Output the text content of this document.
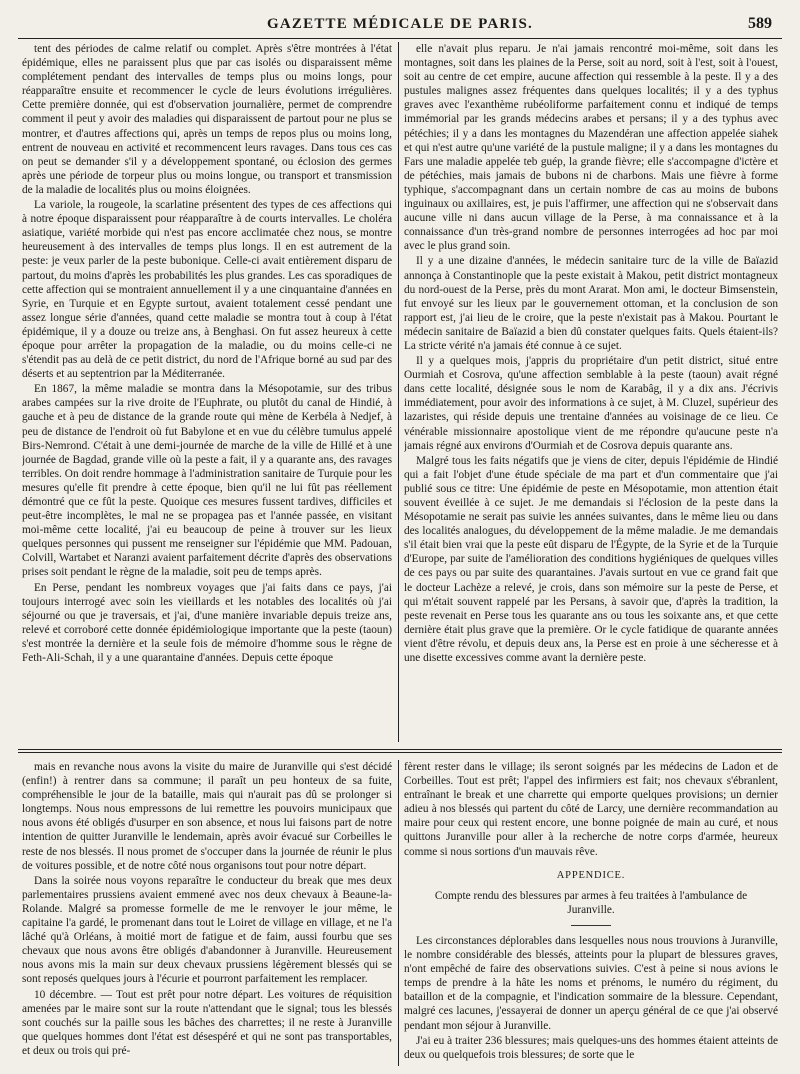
GAZETTE MÉDICALE DE PARIS.	589

tent des périodes de calme relatif ou complet. Après s'être montrées à l'état épidémique, elles ne paraissent plus que par cas isolés ou disparaissent même complétement pendant des intervalles de temps plus ou moins longs, pour réapparaître ensuite et recommencer le cycle de leurs évolutions irrégulières. Cette première donnée, qui est d'observation journalière, permet de comprendre comment il peut y avoir des maladies qui disparaissent de partout pour ne plus se montrer, et d'autres affections qui, après un temps de repos plus ou moins long, entrent de nouveau en activité et recommencent leurs ravages. Dans tous ces cas on peut se demander s'il y a développement spontané, ou éclosion des germes après une période de torpeur plus ou moins longue, ou transport et transmission de la maladie de localités plus ou moins éloignées.

La variole, la rougeole, la scarlatine présentent des types de ces affections qui à notre époque disparaissent pour réapparaître à de courts intervalles. Le choléra asiatique, variété morbide qui n'est pas encore acclimatée chez nous, se montre heureusement à des intervalles de temps plus longs. Il en est autrement de la peste: je veux parler de la peste bubonique. Celle-ci avait entièrement disparu de partout, du moins d'après les probabilités les plus grandes. Les cas sporadiques de cette affection qui se montraient annuellement il y a une cinquantaine d'années en Syrie, en Turquie et en Egypte surtout, avaient totalement cessé pendant une assez longue série d'années, quand cette maladie se montra tout à coup à l'état épidémique, il y a douze ou treize ans, à Benghasi. On fut assez heureux à cette époque pour arrêter la propagation de la maladie, ou du moins celle-ci ne s'étendit pas au delà de ce petit district, du nord de l'Afrique borné au sud par des déserts et au septentrion par la Méditerranée.

En 1867, la même maladie se montra dans la Mésopotamie, sur des tribus arabes campées sur la rive droite de l'Euphrate, ou plutôt du canal de Hindié, à gauche et à peu de distance de la grande route qui mène de Kerbéla à Nedjef, à peu de distance de l'endroit où fut Babylone et en vue du célèbre tumulus appelé Birs-Nemrond. C'était à une demi-journée de marche de la ville de Hillé et à une journée de Bagdad, grande ville où la peste a fait, il y a quarante ans, des ravages terribles. On doit rendre hommage à l'administration sanitaire de Turquie pour les mesures qu'elle fit prendre à cette époque, bien qu'il ne lui fût pas réellement démontré que ce fût la peste. Quoique ces mesures fussent tardives, difficiles et peut-être incomplètes, le mal ne se propagea pas et l'année passée, en visitant moi-même cette localité, j'ai eu beaucoup de peine à trouver sur les lieux quelques personnes qui pussent me renseigner sur l'épidémie que MM. Padouan, Colvill, Wartabet et Naranzi avaient parfaitement décrite d'après des observations prises soit pendant le règne de la maladie, soit peu de temps après.

En Perse, pendant les nombreux voyages que j'ai faits dans ce pays, j'ai toujours interrogé avec soin les vieillards et les notables des localités où j'ai séjourné ou que je traversais, et j'ai, d'une manière invariable depuis treize ans, relevé et corroboré cette donnée épidémiologique importante que la peste (taoun) s'est montrée la dernière et la seule fois de mémoire d'homme sous le règne de Feth-Ali-Schah, il y a une quarantaine d'années. Depuis cette époque

elle n'avait plus reparu. Je n'ai jamais rencontré moi-même, soit dans les montagnes, soit dans les plaines de la Perse, soit au nord, soit à l'est, soit à l'ouest, soit au centre de cet empire, aucune affection qui ressemble à la peste. Il y a des pustules malignes assez fréquentes dans quelques localités; il y a des typhus graves avec l'exanthème rubéoliforme parfaitement connu et indiqué de temps immémorial par les grands médecins arabes et persans; il y a des typhus avec pétéchies; il y a dans les montagnes du Mazendéran une affection appelée siahek et qui n'est autre qu'une variété de la pustule maligne; il y a dans les montagnes du Fars une maladie appelée teb guép, la grande fièvre; elle s'accompagne d'ictère et de pétéchies, mais jamais de bubons ni de charbons. Mais une fièvre à forme typhique, s'accompagnant dans un certain nombre de cas au moins de bubons inguinaux ou axillaires, est, je puis l'affirmer, une affection qui ne s'observait dans aucune ville ni dans aucun village de la Perse, à ma connaissance et à la connaissance d'un très-grand nombre de personnes interrogées ad hoc par moi avec le plus grand soin.

Il y a une dizaine d'années, le médecin sanitaire turc de la ville de Baïazid annonça à Constantinople que la peste existait à Makou, petit district montagneux du nord-ouest de la Perse, près du mont Ararat. Mon ami, le docteur Bimsenstein, fut envoyé sur les lieux par le gouvernement ottoman, et la conclusion de son rapport est, j'ai lieu de le croire, que la peste n'existait pas à Makou. Pourtant le médecin sanitaire de Baïazid a bien dû constater quelques faits. Quels étaient-ils? La stricte vérité n'a jamais été connue à ce sujet.

Il y a quelques mois, j'appris du propriétaire d'un petit district, situé entre Ourmiah et Cosrova, qu'une affection semblable à la peste (taoun) avait régné dans cette localité, désignée sous le nom de Karabâg, il y a dix ans. J'écrivis immédiatement, pour avoir des informations à ce sujet, à M. Cluzel, supérieur des lazaristes, qui réside depuis une trentaine d'années au voisinage de ce lieu. Ce vénérable missionnaire apostolique vient de me répondre qu'aucune peste n'a jamais régné aux environs d'Ourmiah et de Cosrova depuis quarante ans.

Malgré tous les faits négatifs que je viens de citer, depuis l'épidémie de Hindié qui a fait l'objet d'une étude spéciale de ma part et d'un commentaire que j'ai publié sous ce titre: Une épidémie de peste en Mésopotamie, mon attention était souvent éveillée à ce sujet. Je me demandais si l'éclosion de la peste dans la Mésopotamie ne serait pas suivie les années suivantes, dans le même lieu ou dans des localités analogues, du développement de la même maladie. Je me demandais s'il était bien vrai que la peste eût disparu de l'Égypte, de la Syrie et de la Turquie d'Europe, par suite de l'amélioration des conditions hygiéniques de quelques villes de ces pays ou par suite des quarantaines. J'avais surtout en vue ce grand fait que le docteur Lachèze a relevé, je crois, dans son mémoire sur la peste de Perse, et qui m'était souvent rappelé par les Persans, à savoir que, d'après la tradition, la peste revenait en Perse tous les quarante ans ou tous les soixante ans, et que cette dernière était plus grave que la première. Or le cycle fatidique de quarante années vient d'être révolu, et depuis deux ans, la Perse est en proie à une sécheresse et à une disette excessives comme avant la dernière peste.

mais en revanche nous avons la visite du maire de Juranville qui s'est décidé (enfin!) à rentrer dans sa commune; il paraît un peu honteux de sa fuite, compréhensible le jour de la bataille, mais qui n'aurait pas dû se prolonger si longtemps. Nous nous empressons de lui remettre les pouvoirs municipaux que nous avons été obligés d'usurper en son absence, et nous lui faisons part de notre intention de quitter Juranville le lendemain, après avoir évacué sur Corbeilles le reste de nos blessés. Il nous promet de s'occuper dans la journée de réunir le plus de voitures possible, et de notre côté nous organisons tout pour notre départ.

Dans la soirée nous voyons reparaître le conducteur du break que mes deux parlementaires prussiens avaient emmené avec nos deux chevaux à Beaune-la-Rolande. Malgré sa promesse formelle de me le renvoyer le jour même, le capitaine l'a gardé, le promenant dans tout le Loiret de village en village, et ne l'a lâché qu'à Orléans, à moitié mort de fatigue et de faim, aussi fourbu que ses chevaux que nous avons être obligés d'abandonner à Juranville. Heureusement nous avons mis la main sur deux chevaux prussiens légèrement blessés qui se sont reposés quelques jours à l'écurie et pourront parfaitement les remplacer.

10 décembre. — Tout est prêt pour notre départ. Les voitures de réquisition amenées par le maire sont sur la route n'attendant que le signal; tous les blessés sont couchés sur la paille sous les bâches des charrettes; il ne reste à Juranville que quelques hommes dont l'état est désespéré et qui ne sont pas transportables, et deux ou trois qui pré-

fèrent rester dans le village; ils seront soignés par les médecins de Ladon et de Corbeilles. Tout est prêt; l'appel des infirmiers est fait; nos chevaux s'ébranlent, entraînant le break et une charrette qui emporte quelques provisions; un dernier adieu à nos blessés qui partent du côté de Larcy, une dernière recommandation au maire pour ceux qui restent encore, une bonne poignée de main au curé, et nous quittons Juranville pour aller à la recherche de notre corps d'armée, heureux comme si nous sortions d'un mauvais rêve.

APPENDICE.

Compte rendu des blessures par armes à feu traitées à l'ambulance de Juranville.

Les circonstances déplorables dans lesquelles nous nous trouvions à Juranville, le nombre considérable des blessés, atteints pour la plupart de blessures graves, n'ont empêché de faire des observations suivies. C'est à peine si nous avions le temps de prendre à la hâte les noms et prénoms, le numéro du régiment, du bataillon et de la compagnie, et l'indication sommaire de la blessure. Cependant, malgré ces lacunes, j'essayerai de donner un aperçu général de ce que j'ai observé pendant mon séjour à Juranville.

J'ai eu à traiter 236 blessures; mais quelques-uns des hommes étaient atteints de deux ou quelquefois trois blessures; de sorte que le
